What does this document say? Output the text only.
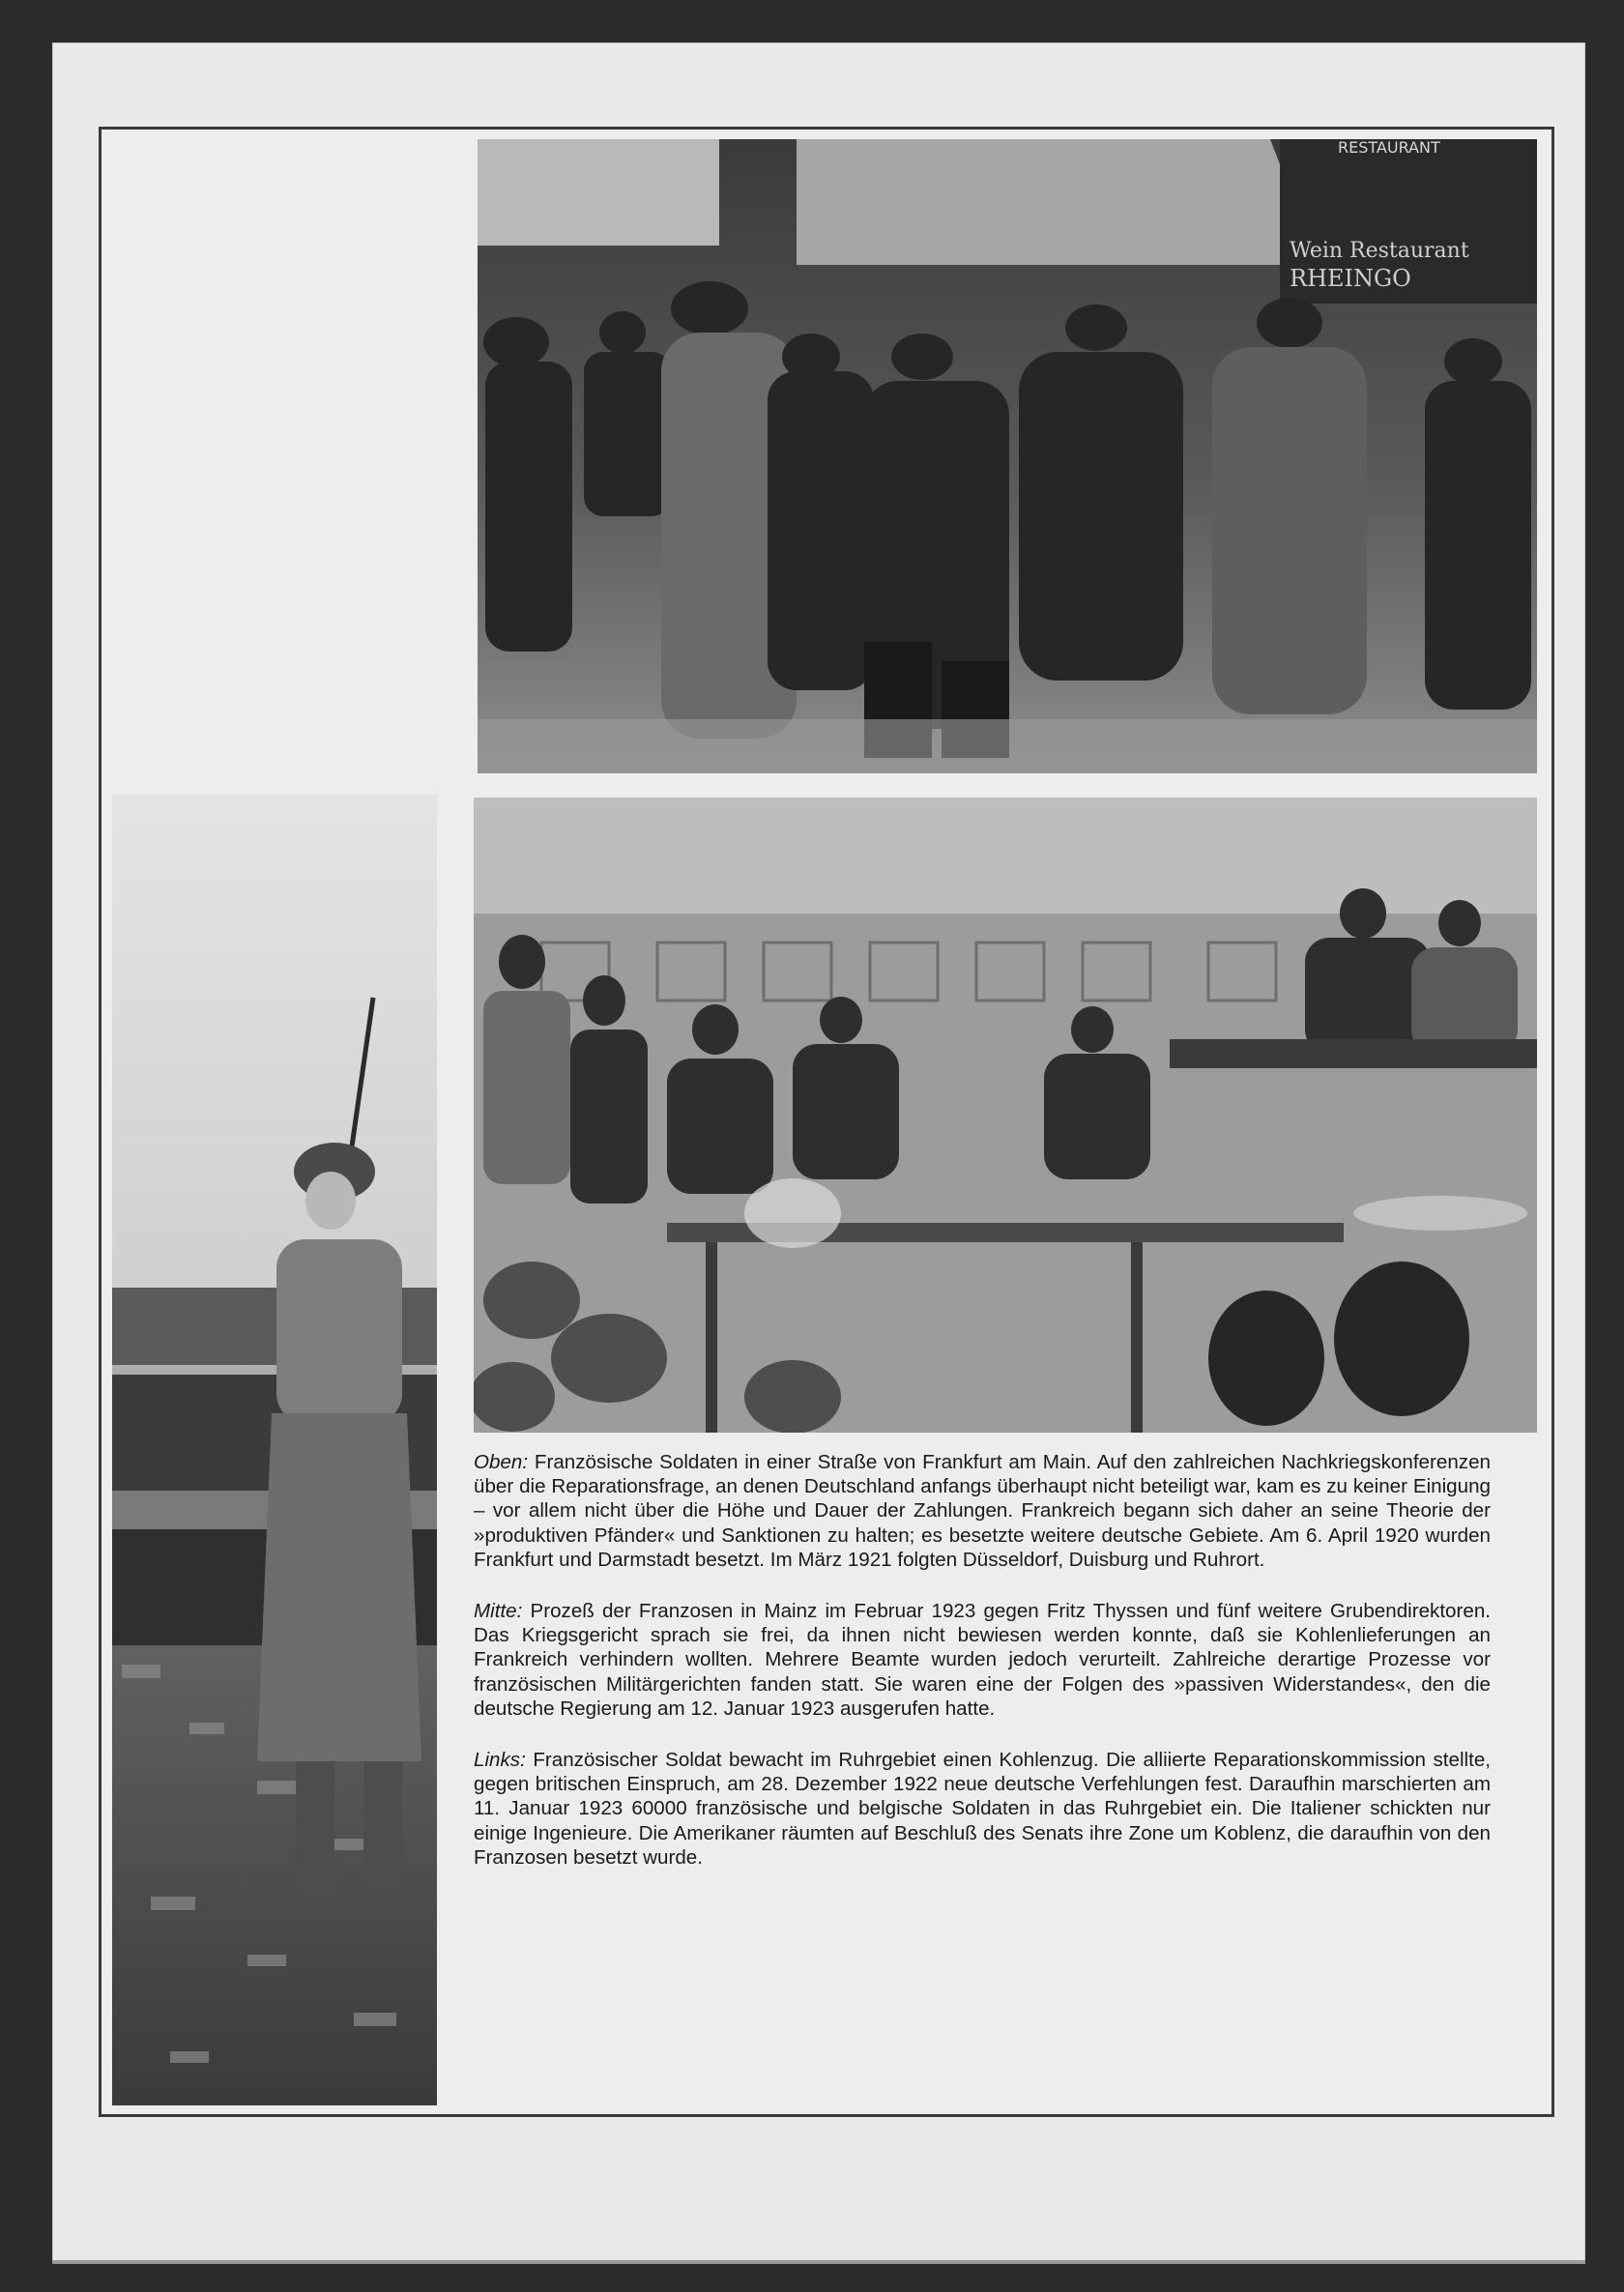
Wein Restaurant
RHEINGO
RESTAURANT

Oben: Französische Soldaten in einer Straße von Frankfurt am Main. Auf den zahlreichen Nachkriegskonferenzen über die Reparationsfrage, an denen Deutschland anfangs überhaupt nicht beteiligt war, kam es zu keiner Einigung – vor allem nicht über die Höhe und Dauer der Zahlungen. Frankreich begann sich daher an seine Theorie der »produktiven Pfänder« und Sanktionen zu halten; es besetzte weitere deutsche Gebiete. Am 6. April 1920 wurden Frankfurt und Darmstadt besetzt. Im März 1921 folgten Düsseldorf, Duisburg und Ruhrort.

Mitte: Prozeß der Franzosen in Mainz im Februar 1923 gegen Fritz Thyssen und fünf weitere Grubendirektoren. Das Kriegsgericht sprach sie frei, da ihnen nicht bewiesen werden konnte, daß sie Kohlenlieferungen an Frankreich verhindern wollten. Mehrere Beamte wurden jedoch verurteilt. Zahlreiche derartige Prozesse vor französischen Militärgerichten fanden statt. Sie waren eine der Folgen des »passiven Widerstandes«, den die deutsche Regierung am 12. Januar 1923 ausgerufen hatte.

Links: Französischer Soldat bewacht im Ruhrgebiet einen Kohlenzug. Die alliierte Reparationskommission stellte, gegen britischen Einspruch, am 28. Dezember 1922 neue deutsche Verfehlungen fest. Daraufhin marschierten am 11. Januar 1923 60000 französische und belgische Soldaten in das Ruhrgebiet ein. Die Italiener schickten nur einige Ingenieure. Die Amerikaner räumten auf Beschluß des Senats ihre Zone um Koblenz, die daraufhin von den Franzosen besetzt wurde.
